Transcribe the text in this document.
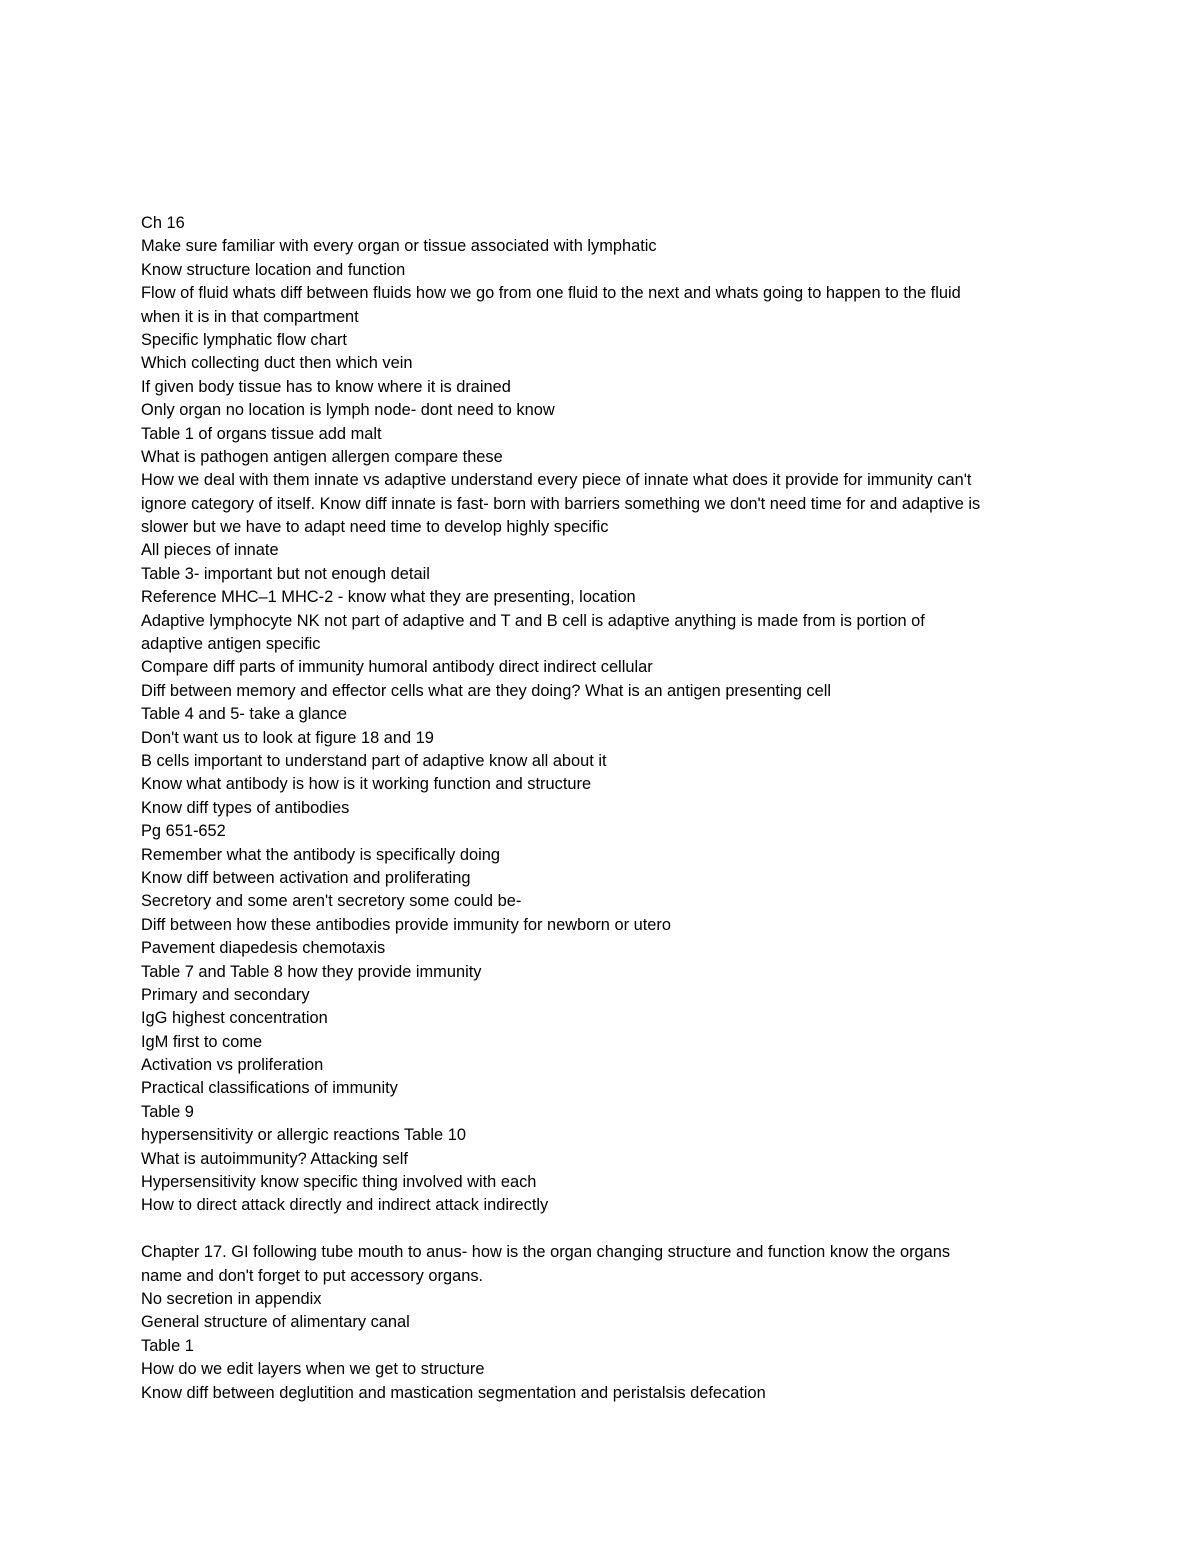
Ch 16
Make sure familiar with every organ or tissue associated with lymphatic
Know structure location and function
Flow of fluid whats diff between fluids how we go from one fluid to the next and whats going to happen to the fluid
when it is in that compartment
Specific lymphatic flow chart
Which collecting duct then which vein
If given body tissue has to know where it is drained
Only organ no location is lymph node- dont need to know
Table 1 of organs tissue add malt
What is pathogen antigen allergen compare these
How we deal with them innate vs adaptive understand every piece of innate what does it provide for immunity can't
ignore category of itself. Know diff innate is fast- born with barriers something we don't need time for and adaptive is
slower but we have to adapt need time to develop highly specific
All pieces of innate
Table 3- important but not enough detail
Reference MHC–1 MHC-2 - know what they are presenting, location
Adaptive lymphocyte NK not part of adaptive and T and B cell is adaptive anything is made from is portion of
adaptive antigen specific
Compare diff parts of immunity humoral antibody direct indirect cellular
Diff between memory and effector cells what are they doing? What is an antigen presenting cell
Table 4 and 5- take a glance
Don't want us to look at figure 18 and 19
B cells important to understand part of adaptive know all about it
Know what antibody is how is it working function and structure
Know diff types of antibodies
Pg 651-652
Remember what the antibody is specifically doing
Know diff between activation and proliferating
Secretory and some aren't secretory some could be-
Diff between how these antibodies provide immunity for newborn or utero
Pavement diapedesis chemotaxis
Table 7 and Table 8 how they provide immunity
Primary and secondary
IgG highest concentration
IgM first to come
Activation vs proliferation
Practical classifications of immunity
Table 9
hypersensitivity or allergic reactions Table 10
What is autoimmunity? Attacking self
Hypersensitivity know specific thing involved with each
How to direct attack directly and indirect attack indirectly
Chapter 17. GI following tube mouth to anus- how is the organ changing structure and function know the organs
name and don't forget to put accessory organs.
No secretion in appendix
General structure of alimentary canal
Table 1
How do we edit layers when we get to structure
Know diff between deglutition and mastication segmentation and peristalsis defecation
